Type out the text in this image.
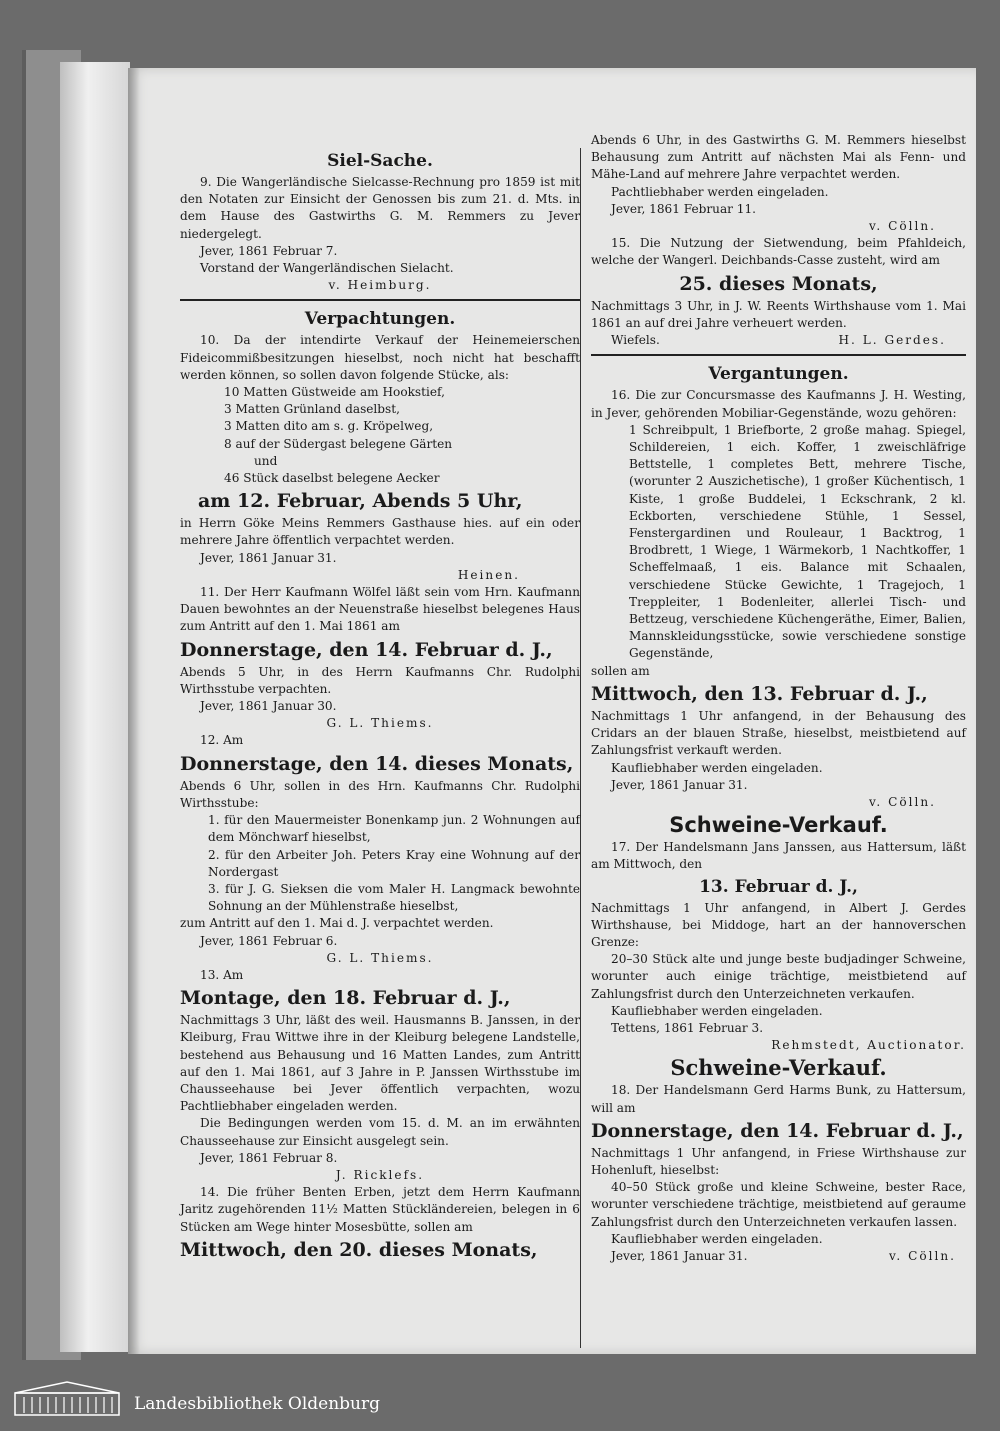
Siel-Sache.

9. Die Wangerländische Sielcasse-Rechnung pro 1859 ist mit den Notaten zur Einsicht der Genossen bis zum 21. d. Mts. in dem Hause des Gastwirths G. M. Remmers zu Jever niedergelegt.

Jever, 1861 Februar 7.

Vorstand der Wangerländischen Sielacht.

v. Heimburg.

Verpachtungen.

10. Da der intendirte Verkauf der Heinemeierschen Fideicommißbesitzungen hieselbst, noch nicht hat beschafft werden können, so sollen davon folgende Stücke, als:

10 Matten Güstweide am Hookstief,

3 Matten Grünland daselbst,

3 Matten dito am s. g. Kröpelweg,

8 auf der Südergast belegene Gärten

und

46 Stück daselbst belegene Aecker

am 12. Februar, Abends 5 Uhr,

in Herrn Göke Meins Remmers Gasthause hies. auf ein oder mehrere Jahre öffentlich verpachtet werden.

Jever, 1861 Januar 31.

Heinen.

11. Der Herr Kaufmann Wölfel läßt sein vom Hrn. Kaufmann Dauen bewohntes an der Neuenstraße hieselbst belegenes Haus zum Antritt auf den 1. Mai 1861 am

Donnerstage, den 14. Februar d. J.,

Abends 5 Uhr, in des Herrn Kaufmanns Chr. Rudolphi Wirthsstube verpachten.

Jever, 1861 Januar 30.

G. L. Thiems.

12. Am

Donnerstage, den 14. dieses Monats,

Abends 6 Uhr, sollen in des Hrn. Kaufmanns Chr. Rudolphi Wirthsstube:

1. für den Mauermeister Bonenkamp jun. 2 Wohnungen auf dem Mönchwarf hieselbst,

2. für den Arbeiter Joh. Peters Kray eine Wohnung auf der Nordergast

3. für J. G. Sieksen die vom Maler H. Langmack bewohnte Sohnung an der Mühlenstraße hieselbst,

zum Antritt auf den 1. Mai d. J. verpachtet werden.

Jever, 1861 Februar 6.

G. L. Thiems.

13. Am

Montage, den 18. Februar d. J.,

Nachmittags 3 Uhr, läßt des weil. Hausmanns B. Janssen, in der Kleiburg, Frau Wittwe ihre in der Kleiburg belegene Landstelle, bestehend aus Behausung und 16 Matten Landes, zum Antritt auf den 1. Mai 1861, auf 3 Jahre in P. Janssen Wirthsstube im Chausseehause bei Jever öffentlich verpachten, wozu Pachtliebhaber eingeladen werden.

Die Bedingungen werden vom 15. d. M. an im erwähnten Chausseehause zur Einsicht ausgelegt sein.

Jever, 1861 Februar 8.

J. Ricklefs.

14. Die früher Benten Erben, jetzt dem Herrn Kaufmann Jaritz zugehörenden 11½ Matten Stückländereien, belegen in 6 Stücken am Wege hinter Mosesbütte, sollen am

Mittwoch, den 20. dieses Monats,

Abends 6 Uhr, in des Gastwirths G. M. Remmers hieselbst Behausung zum Antritt auf nächsten Mai als Fenn- und Mähe-Land auf mehrere Jahre verpachtet werden.

Pachtliebhaber werden eingeladen.

Jever, 1861 Februar 11.

v. Cölln.

15. Die Nutzung der Sietwendung, beim Pfahldeich, welche der Wangerl. Deichbands-Casse zusteht, wird am

25. dieses Monats,

Nachmittags 3 Uhr, in J. W. Reents Wirthshause vom 1. Mai 1861 an auf drei Jahre verheuert werden.

Wiefels.	H. L. Gerdes.

Vergantungen.

16. Die zur Concursmasse des Kaufmanns J. H. Westing, in Jever, gehörenden Mobiliar-Gegenstände, wozu gehören:

1 Schreibpult, 1 Briefborte, 2 große mahag. Spiegel, Schildereien, 1 eich. Koffer, 1 zweischläfrige Bettstelle, 1 completes Bett, mehrere Tische, (worunter 2 Auszichetische), 1 großer Küchentisch, 1 Kiste, 1 große Buddelei, 1 Eckschrank, 2 kl. Eckborten, verschiedene Stühle, 1 Sessel, Fenstergardinen und Rouleaur, 1 Backtrog, 1 Brodbrett, 1 Wiege, 1 Wärmekorb, 1 Nachtkoffer, 1 Scheffelmaaß, 1 eis. Balance mit Schaalen, verschiedene Stücke Gewichte, 1 Tragejoch, 1 Treppleiter, 1 Bodenleiter, allerlei Tisch- und Bettzeug, verschiedene Küchengeräthe, Eimer, Balien, Mannskleidungsstücke, sowie verschiedene sonstige Gegenstände,

sollen am

Mittwoch, den 13. Februar d. J.,

Nachmittags 1 Uhr anfangend, in der Behausung des Cridars an der blauen Straße, hieselbst, meistbietend auf Zahlungsfrist verkauft werden.

Kaufliebhaber werden eingeladen.

Jever, 1861 Januar 31.

v. Cölln.

Schweine-Verkauf.

17. Der Handelsmann Jans Janssen, aus Hattersum, läßt am Mittwoch, den

13. Februar d. J.,

Nachmittags 1 Uhr anfangend, in Albert J. Gerdes Wirthshause, bei Middoge, hart an der hannoverschen Grenze:

20–30 Stück alte und junge beste budjadinger Schweine, worunter auch einige trächtige, meistbietend auf Zahlungsfrist durch den Unterzeichneten verkaufen.

Kaufliebhaber werden eingeladen.

Tettens, 1861 Februar 3.

Rehmstedt, Auctionator.

Schweine-Verkauf.

18. Der Handelsmann Gerd Harms Bunk, zu Hattersum, will am

Donnerstage, den 14. Februar d. J.,

Nachmittags 1 Uhr anfangend, in Friese Wirthshause zur Hohenluft, hieselbst:

40–50 Stück große und kleine Schweine, bester Race, worunter verschiedene trächtige, meistbietend auf geraume Zahlungsfrist durch den Unterzeichneten verkaufen lassen.

Kaufliebhaber werden eingeladen.

Jever, 1861 Januar 31.	v. Cölln.

Landesbibliothek Oldenburg
